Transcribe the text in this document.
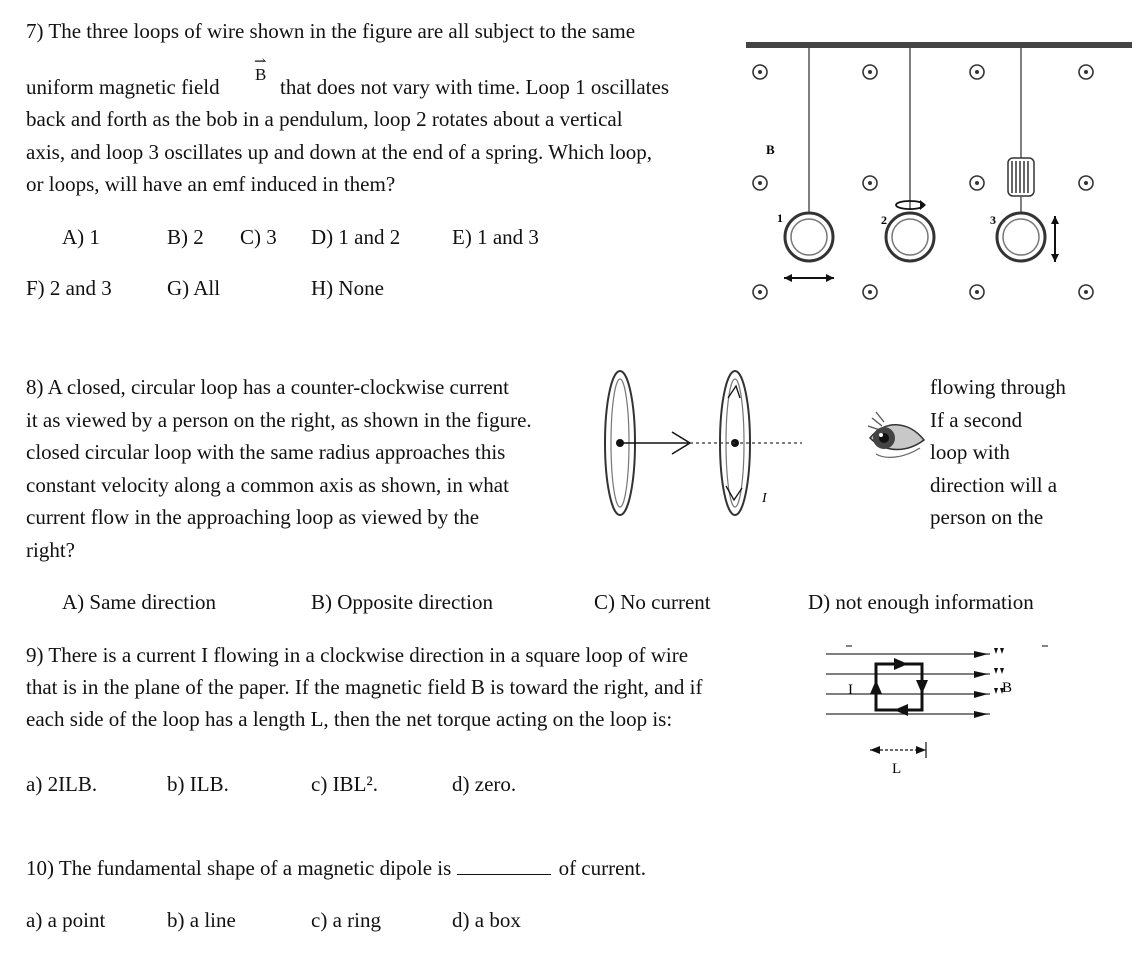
7) The three loops of wire shown in the figure are all subject to the same
uniform magnetic field
⇀
B
that does not vary with time. Loop 1 oscillates
back and forth as the bob in a pendulum, loop 2 rotates about a vertical
axis, and loop 3 oscillates up and down at the end of a spring. Which loop,
or loops, will have an emf induced in them?
A) 1	B) 2 C) 3 D) 1 and 2 E) 1 and 3
F) 2 and 3	G) All	H) None
B
1	2	3
8) A closed, circular loop has a counter-clockwise current
it as viewed by a person on the right, as shown in the figure.
closed circular loop with the same radius approaches this
constant velocity along a common axis as shown, in what
current flow in the approaching loop as viewed by the
right?
flowing through
If a second
loop with
direction will a
person on the
I
A) Same direction	B) Opposite direction	C) No current	D) not enough information
9) There is a current I flowing in a clockwise direction in a square loop of wire
that is in the plane of the paper. If the magnetic field B is toward the right, and if
each side of the loop has a length L, then the net torque acting on the loop is:
I	B
L
a) 2ILB.	b) ILB.	c) IBL².	d) zero.
10) The fundamental shape of a magnetic dipole is	of current.
a) a point	b) a line	c) a ring	d) a box
